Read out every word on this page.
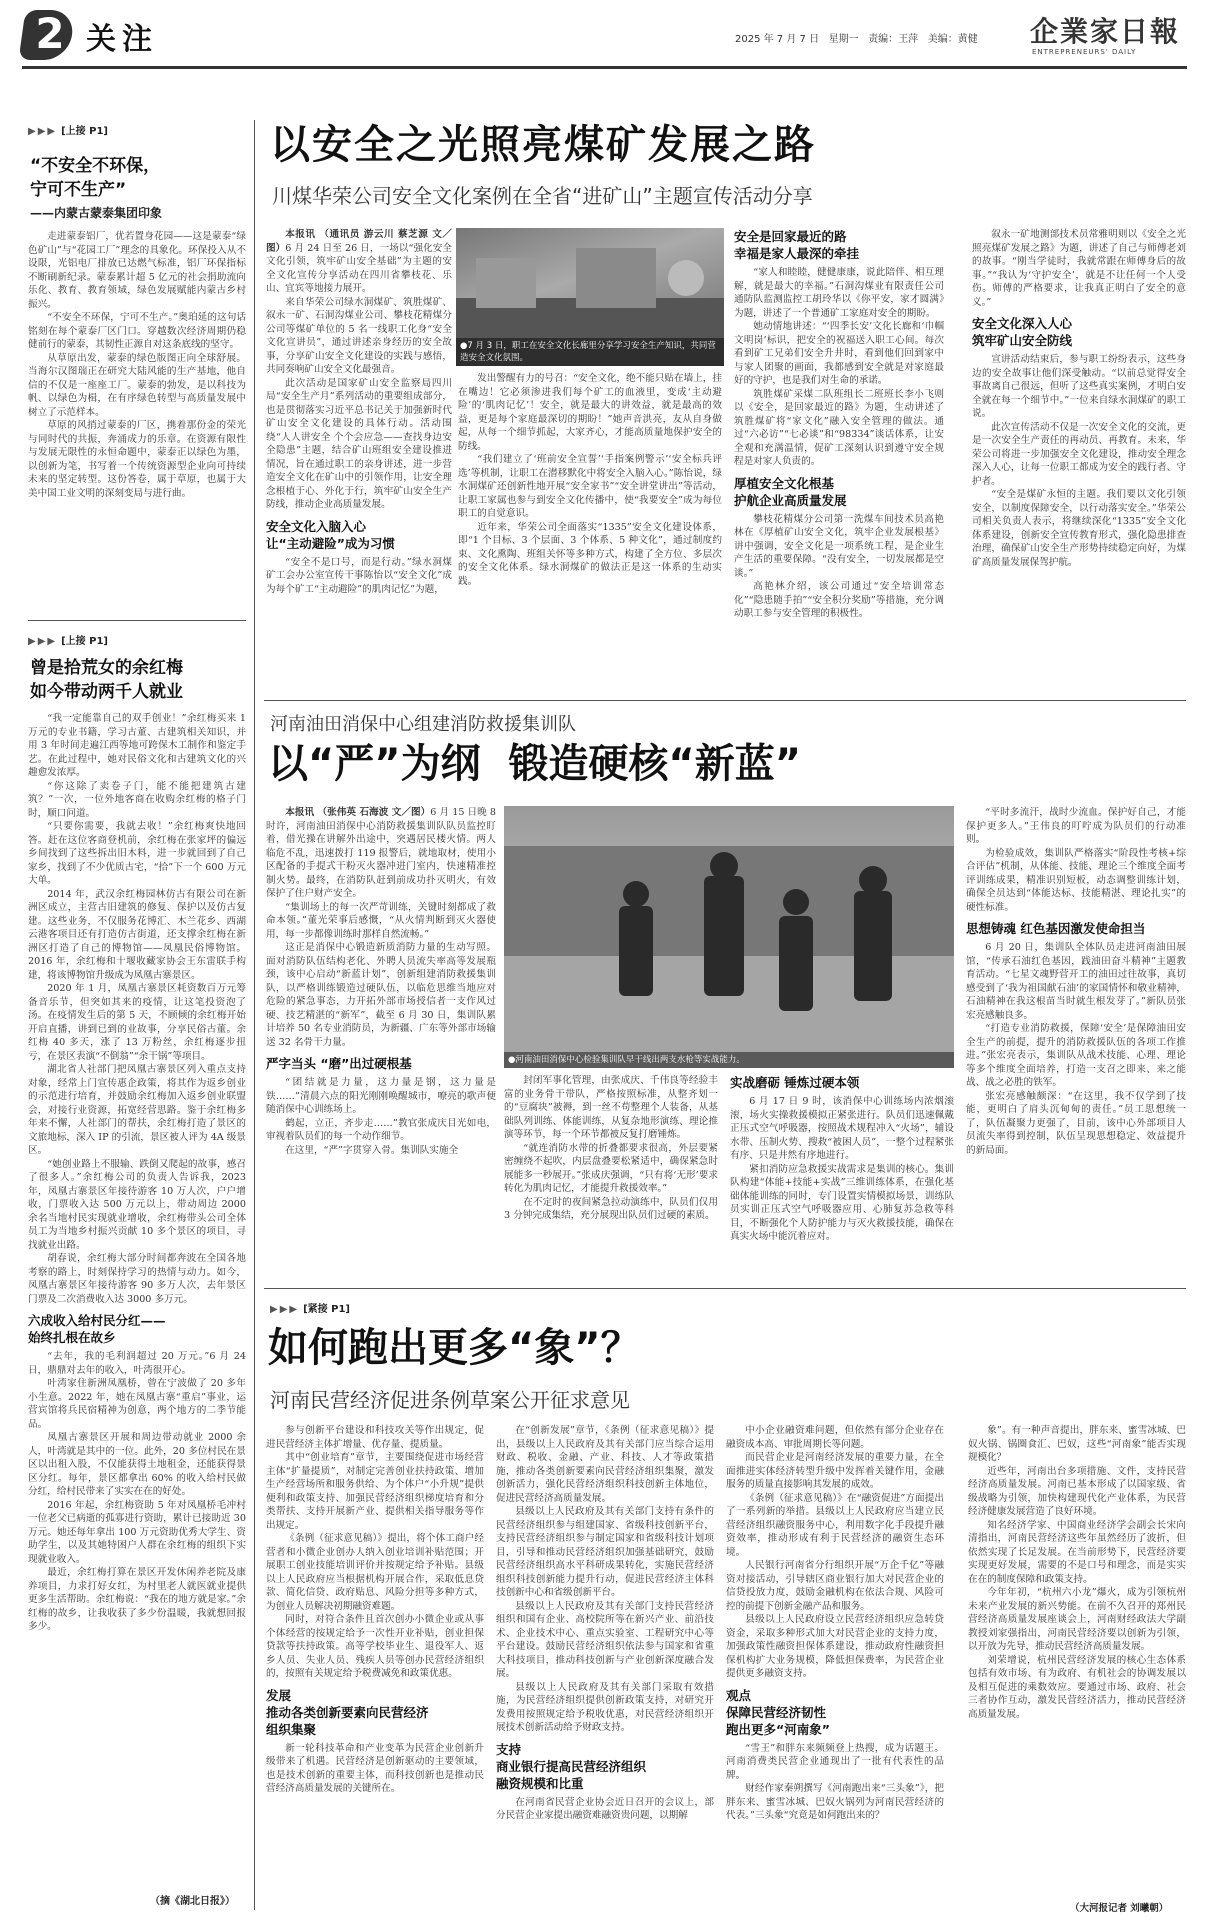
2 关注	2025 年 7 月 7 日 星期一 责编：王萍 美编：黄健 企業家日報
ENTREPRENEURS' DAILY
▶▶▶ [上接 P1]
“不安全不环保，
宁可不生产”
——内蒙古蒙泰集团印象

走进蒙泰铝厂，优若置身花园——这是蒙泰“绿色矿山”与“花园工厂”理念的具象化。环保投入从不设限，光铝电厂排放已达燃气标准，铝厂环保指标不断刷新纪录。蒙泰累计超 5 亿元的社会捐助流向乐化、教育、教育领域，绿色发展赋能内蒙古乡村振兴。

“不安全不环保，宁可不生产。”奥珀延的这句话铭刻在每个蒙泰厂区门口。穿越数次经济周期仍稳健前行的蒙泰，其韧性正源自对这条底线的坚守。

从草原出发，蒙泰的绿色版图正向全球舒展。当海尔汉图瑞正在研究大陆风能的生产基地，他自信的不仅是一座座工厂。蒙泰的勃发，是以科技为帆、以绿色为楫，在有序绿色转型与高质量发展中树立了示范样本。

草原的风捎过蒙泰的厂区，携着那份金的荣光与同时代的共振，奔涌成力的乐章。在资源有限性与发展无限性的永恒命题中，蒙泰正以绿色为墨，以创新为笔，书写着一个传统资源型企业向可持续未来的坚定转型。这份答卷，属于草原，也属于大美中国工业文明的深刻变局与进行曲。

▶▶▶ [上接 P1]
曾是拾荒女的余红梅
如今带动两千人就业

“我一定能靠自己的双手创业！”余红梅买来 1 万元的专业书籍，学习古董、古建筑相关知识，并用 3 年时间走遍江西等地可跨保木工制作和鉴定手艺。在此过程中，她对民俗文化和古建筑文化的兴趣愈发浓厚。

“你这除了卖卷子门，能不能把建筑古建筑？”一次，一位外地客商在收购余红梅的格子门时，顺口问道。

“只要你需要，我就去收！”余红梅爽快地回答。赶在这位客商登机前，余红梅在张家坪的偏远乡间找到了这些拆出旧木料，进一步就回到了自己家乡，找到了不少优质古宅，“拾”下一个 600 万元大单。

2014 年，武汉余红梅园林仿古有限公司在新洲区成立，主营古旧建筑的修复、保护以及仿古复建。这些业务，不仅服务花博汇、木兰花乡、西湖云港客项目还有打造仿古街道，还支撑余红梅在新洲区打造了自己的博物馆——凤凰民俗博物馆。2016 年，余红梅和十堰收藏家协会王东雷联手构建，将该博物馆升级成为凤凰古寨景区。

2020 年 1 月，凤凰古寨景区耗资数百万元筹备音乐节，但突如其来的疫情，让这笔投资泡了汤。在疫情发生后的第 5 天，不顾倾的余红梅开始开启直播，讲到已到的业故事，分享民俗古董。余红梅 40 多天，涨了 13 万粉丝，余红梅逐步扭亏，在景区表演“不倒翁”“余干锅”等项目。

湖北省人社部门把凤凰古寨景区列入重点支持对象，经常上门宣传惠企政策，将其作为返乡创业的示范进行培育，并鼓励余红梅加入返乡创业联盟会，对接行业资源，拓宽经营思路。鉴于余红梅多年来不懈，人社部门的帮扶，余红梅打造了景区的文旅地标，深入 IP 的引流，景区被人评为 4A 级景区。

“她创业路上不服输、跌倒又爬起的故事，感召了很多人。”余红梅公司的负责人告诉我，2023 年，凤凰古寨景区年接待游客 10 万人次，户户增收，门票收入达 500 万元以上，带动周边 2000 余名当地村民实现就业增收，余红梅带头公司全体员工为当地乡村振兴贡献 10 多个景区的项目，寻找就业出路。

胡春说，余红梅大部分时间都奔波在全国各地考察的路上，时刻保持学习的热情与动力。如今，凤凰古寨景区年接待游客 90 多万人次，去年景区门票及二次消费收入达 3000 多万元。

六成收入给村民分红——
始终扎根在故乡

“去年，我的毛利润超过 20 万元。”6 月 24 日，鼎鼎对去年的收入，叶湾很开心。

叶湾家住新洲凤凰桥，曾在宁波做了 20 多年小生意。2022 年，她在凤凰古寨“重启”事业，运营宾馆将兵民宿精神为创意，两个地方的二季节能品。

凤凰古寨景区开展和周边带动就业 2000 余人，叶湾就是其中的一位。此外，20 多位村民在景区以出租入股，不仅能获得土地租金，还能获得景区分红。每年，景区都拿出 60% 的收入给村民做分红，给村民带来了实实在在的好处。

2016 年起，余红梅资助 5 年对凤凰桥毛冲村一位老父已病逝的孤寡进行资助，累计已接助近 30 万元。她还每年拿出 100 万元资助优秀大学生、资助学生，以及其她特困户人群在余红梅的组织下实现就业收入。

最近，余红梅打算在景区开发休闲养老院及康养项目，力求打好女红，为村里老人就医就业提供更多生活帮助。余红梅说：“我在的地方就是家。”余红梅的故乡，让我收获了多少份温暖，我就想回报多少。

（摘《湖北日报》）
以安全之光照亮煤矿发展之路
川煤华荣公司安全文化案例在全省“进矿山”主题宣传活动分享

本报讯 （通讯员 游云川 蔡芝源 文／图）6 月 24 日至 26 日，一场以“强化安全文化引领，筑牢矿山安全基础”为主题的安全文化宣传分享活动在四川省攀枝花、乐山、宜宾等地接力展开。

来自华荣公司绿水洞煤矿、筑胜煤矿、叙永一矿、石洞沟煤业公司、攀枝花精煤分公司等煤矿单位的 5 名一线职工化身“安全文化宣讲员”，通过讲述亲身经历的安全故事，分享矿山安全文化建设的实践与感悟，共同奏响矿山安全文化最强音。

此次活动是国家矿山安全监察局四川局“安全生产月”系列活动的重要组成部分，也是贯彻落实习近平总书记关于加强新时代矿山安全文化建设的具体行动。活动围绕“人人讲安全 个个会应急——查找身边安全隐患”主题，结合矿山班组安全建设推进情况，旨在通过职工的亲身讲述，进一步营造安全文化在矿山中的引领作用，让安全理念根植于心、外化于行，筑牢矿山安全生产防线，推动企业高质量发展。

安全文化入脑入心
让“主动避险”成为习惯

“安全不是口号，而是行动。”绿水洞煤矿工会办公室宣传干事陈怡以“安全文化”成为每个矿工“主动避险”的肌肉记忆”为题，

●7 月 3 日，职工在安全文化长廊里分享学习安全生产知识，共同营造安全文化氛围。

发出警醒有力的号召：“安全文化，绝不能只贴在墙上，挂在嘴边！它必须渗进我们每个矿工的血液里，变成‘主动避险’的‘肌肉记忆’！安全，就是最大的讲效益，就是最高的效益，更是每个家庭最深切的期盼！”她声音洪亮，友从自身做起，从每一个细节抓起，大家齐心，才能高质量地保护安全的防线。

“我们建立了‘班前安全宣誓’‘手指案例警示’‘安全标兵评选’等机制，让职工在潜移默化中将安全入脑入心。”陈怡说，绿水洞煤矿还创新性地开展“安全家书”“安全讲堂讲出”等活动，让职工家属也参与到安全文化传播中，使“我要安全”成为每位职工的自觉意识。

近年来，华荣公司全面落实“1335”安全文化建设体系，即“1 个目标、3 个层面、3 个体系、5 种文化”，通过制度约束、文化熏陶、班组关怀等多种方式，构建了全方位、多层次的安全文化体系。绿水洞煤矿的做法正是这一体系的生动实践。

安全是回家最近的路
幸福是家人最深的牵挂

“家人和睦睦，健健康康，说此陪伴、相互理解，就是最大的幸福。”石洞沟煤业有限责任公司通防队监测监控工胡玲华以《你平安，家才圆满》为题，讲述了一个普通矿工家庭对安全的期盼。

她动情地讲述：“‘四季长安’文化长廊和‘巾帼文明岗’标识，把安全的祝福送入职工心间。每次看到矿工兄弟们安全升井时，看到他们回到家中与家人团聚的画面，我都感到安全就是对家庭最好的守护，也是我们对生命的承诺。

筑胜煤矿采煤二队班组长二班班长李小飞则以《安全，是回家最近的路》为题，生动讲述了筑胜煤矿将“家文化”融入安全管理的做法。通过“六必访”“七必谈”和“98334”谈话体系，让安全观和充满温情，促矿工深刻认识到遵守安全规程是对家人负责的。

厚植安全文化根基
护航企业高质量发展

攀枝花精煤分公司第一洗煤车间技术员高艳林在《厚植矿山安全文化，筑牢企业发展根基》讲中强调，安全文化是一项系统工程，是企业生产生活的重要保障。“没有安全，一切发展都是空谈。”

高艳林介绍，该公司通过“安全培训常态化”“隐患随手拍”“安全积分奖励”等措施，充分调动职工参与安全管理的积极性。

叙永一矿地测部技术员常雅明则以《安全之光照亮煤矿发展之路》为题，讲述了自己与师傅老刘的故事。“刚当学徒时，我就常跟在师傅身后的故事。”“我认为‘守护安全’，就是不让任何一个人受伤。师傅的严格要求，让我真正明白了安全的意义。”

安全文化深入人心
筑牢矿山安全防线

宣讲活动结束后，参与职工纷纷表示，这些身边的安全故事让他们深受触动。“以前总觉得安全事故离自己很远，但听了这些真实案例，才明白安全就在每一个细节中。”一位来自绿水洞煤矿的职工说。

此次宣传活动不仅是一次安全文化的交流，更是一次安全生产责任的再动员、再教育。未来，华荣公司将进一步加强安全文化建设，推动安全理念深入人心，让每一位职工都成为安全的践行者、守护者。

“安全是煤矿永恒的主题。我们要以文化引领安全，以制度保障安全，以行动落实安全。”华荣公司相关负责人表示，将继续深化“1335”安全文化体系建设，创新安全宣传教育形式，强化隐患排查治理，确保矿山安全生产形势持续稳定向好，为煤矿高质量发展保驾护航。

河南油田消保中心组建消防救援集训队
以“严”为纲  锻造硬核“新蓝”

本报讯 （张伟英 石海波 文／图）6 月 15 日晚 8 时许，河南油田消保中心消防救援集训队队员监控盯着，借光操在讲解外出途中，突遇居民楼火情。两人临危不乱，迅速拨打 119 报警后，就地取材，使用小区配备的手提式干粉灭火器冲进门室内，快速精准控制火势。最终，在消防队赶到前成功扑灭明火，有效保护了住户财产安全。

“集训场上的每一次严苛训练，关键时刻都成了救命本领。”董光荣事后感慨，“从火情判断到灭火器使用，每一步都像训练时那样自然流畅。”

这正是消保中心锻造新质消防力量的生动写照。面对消防队伍结构老化、外聘人员流失率高等发展瓶颈，该中心启动“新蓝计划”，创新组建消防救援集训队，以严格训练锻造过硬队伍，以临危思维当地应对危险的紧急事态，力开拓外部市场授信者一支作风过硬、技艺精湛的“新军”，截至 6 月 30 日，集训队累计培养 50 名专业消防员，为新疆、广东等外部市场输送 32 名骨干力量。

严字当头 “磨”出过硬根基

“团结就是力量，这力量是钢，这力量是铁……”清晨六点的阳光刚刚唤醒城市，嘹亮的歌声便随消保中心训练场上。

鹤起，立正，齐步走……”教官张成庆目光如电，审视着队员们的每一个动作细节。

在这里，“严”字贯穿入骨。集训队实施全

●河南油田消保中心检验集训队早干线出两支水枪等实战能力。

封闭军事化管理，由张成庆、千伟良等经验丰富的业务骨干带队，严格按照标准，从整齐划一的“豆腐块”被褥，到一丝不苟整理个人装备，从基础队列训练、体能训练，从复杂地形演练、理论推演等环节，每一个环节都被反复打磨锤炼。

“就连消防水带的折叠都要求很高，外层要紧密缠绕不起吹，内层盘叠要松紧适中，确保紧急时展能多一秒展开。”张成庆强调，“只有将‘无形’要求转化为肌肉记忆，才能提升救援效率。”

在不定时的夜间紧急拉动演练中，队员们仅用 3 分钟完成集结，充分展现出队员们过硬的素质。

实战磨砺 锤炼过硬本领

6 月 17 日 9 时，该消保中心训练场内浓烟滚滚，场火实操救援模拟正紧张进行。队员们迅速佩戴正压式空气呼吸器，按照战术规程冲入“火场”，辅设水带、压制火势、搜救“被困人员”，一整个过程紧张有序、只是井然有序地进行。

紧扣消防应急救援实战需求是集训的核心。集训队构建“体能+技能+实战”三维训练体系，在强化基础体能训练的同时，专门设置实情模拟场景，训练队员实训正压式空气呼吸器应用、心肺复苏急救等科目，不断强化个人防护能力与灭火救援技能，确保在真实火场中能沉着应对。

“平时多流汗，战时少流血。保护好自己，才能保护更多人。”王伟良的叮咛成为队员们的行动准则。

为检验成效，集训队严格落实“阶段性考核+综合评估”机制，从体能、技能、理论三个维度全面考评训练成果，精准识别短板，动态调整训练计划，确保全员达到“体能达标、技能精湛、理论扎实”的硬性标准。

思想铸魂 红色基因激发使命担当

6 月 20 日，集训队全体队员走进河南油田展馆，“传承石油红色基因，践油田奋斗精神”主题教育活动。“七星文魂野营开工的油田过往故事，真切感受到了‘我为祖国献石油’的家国情怀和敬业精神，石油精神在我这根苗当时就生根发芽了。”新队员张宏亮感触良多。

“打造专业消防救援，保障‘安全’是保障油田安全生产的前提，提升的消防救援队伍的各项工作推进。”张宏亮表示，集训队从战术技能、心理、理论等多个维度全面培养，打造一支召之即来、来之能战、战之必胜的铁军。

张宏亮感触颇深：“在这里，我不仅学到了技能，更明白了肩头沉甸甸的责任。”员工思想统一了，队伍凝聚力更强了，目前，该中心外部项目人员流失率得到控制，队伍呈现思想稳定、效益提升的新局面。

▶▶▶ [紧接 P1]
如何跑出更多“象”？
河南民营经济促进条例草案公开征求意见

参与创新平台建设和科技攻关等作出规定，促进民营经济主体扩增量、优存量、提质量。

其中“创业培育”章节，主要围绕促进市场经营主体“扩量提质”，对制定完善创业扶持政策、增加生产经营场所和服务供给、为个体户“小升规”提供便利和政策支持、加强民营经济组织梯度培育和分类帮扶、支持开展新产业、提供相关指导服务等作出规定。

《条例（征求意见稿）》提出，将个体工商户经营者和小微企业创办人纳入创业培训补贴范围；开展职工创业技能培训评价并按规定给予补贴。县级以上人民政府应当根据机构开展合作，采取低息贷款、简化信贷、政府贴息、风险分担等多种方式，为创业人员解决初期融资难题。

同时，对符合条件且首次创办小微企业或从事个体经营的按规定给予一次性开业补贴，创业担保贷款等扶持政策。高等学校毕业生、退役军人、返乡人员、失业人员、残疾人员等创办民营经济组织的，按照有关规定给予税费减免和政策优惠。

发展
推动各类创新要素向民营经济
组织集聚

新一轮科技革命和产业变革为民营企业创新升级带来了机遇。民营经济是创新驱动的主要领域，也是技术创新的重要主体，而科技创新也是推动民营经济高质量发展的关键所在。

在“创新发展”章节，《条例（征求意见稿）》提出，县级以上人民政府及其有关部门应当综合运用财政、税收、金融、产业、科技、人才等政策措施，推动各类创新要素向民营经济组织集聚，激发创新活力，强化民营经济组织科技创新主体地位，促进民营经济高质量发展。

县级以上人民政府及其有关部门支持有条件的民营经济组织参与组建国家、省级科技创新平台，支持民营经济组织参与制定国家和省级科技计划项目，引导和推动民营经济组织加强基础研究，鼓励民营经济组织高水平科研成果转化，实施民营经济组织科技创新能力提升行动，促进民营经济主体科技创新中心和省级创新平台。

县级以上人民政府及其有关部门支持民营经济组织和国有企业、高校院所等在新兴产业、前沿技术、企业技术中心、重点实验室、工程研究中心等平台建设。鼓励民营经济组织依法参与国家和省重大科技项目，推动科技创新与产业创新深度融合发展。

县级以上人民政府及其有关部门采取有效措施，为民营经济组织提供创新政策支持，对研究开发费用按照规定给予税收优惠，对民营经济组织开展技术创新活动给予财政支持。

支持
商业银行提高民营经济组织
融资规模和比重

在河南省民营企业协会近日召开的会议上，部分民营企业家提出融资难融资贵问题，以期解

中小企业融资难问题，但依然有部分企业存在融资成本高、审批周期长等问题。

而民营企业是河南经济发展的重要力量，在全面推进实体经济转型升级中发挥着关键作用，金融服务的质量直接影响其发展的成效。

《条例（征求意见稿）》在“融资促进”方面提出了一系列新的举措。县级以上人民政府应当建立民营经济组织融资服务中心，利用数字化手段提升融资效率，推动形成有利于民营经济的融资生态环境。

人民银行河南省分行组织开展“万企千亿”等融资对接活动，引导辖区商业银行加大对民营企业的信贷投放力度，鼓励金融机构在依法合规、风险可控的前提下创新金融产品和服务。

县级以上人民政府设立民营经济组织应急转贷资金，采取多种形式加大对民营企业的支持力度，加强政策性融资担保体系建设，推动政府性融资担保机构扩大业务规模，降低担保费率，为民营企业提供更多融资支持。

观点
保障民营经济韧性
跑出更多“河南象”

“雪王”和胖东来频频登上热搜，成为话题王。河南消费类民营企业通现出了一批有代表性的品牌。

财经作家秦朔撰写《河南跑出来“三头象”》，把胖东来、蜜雪冰城、巴奴火锅列为河南民营经济的代表。”三头象“究竟是如何跑出来的？

象”。有一种声音提出，胖东来、蜜雪冰城、巴奴火锅、锅圈食汇、巴奴，这些“河南象”能否实现规模化？

近些年，河南出台多项措施、文件，支持民营经济高质量发展。河南已基本形成了以国家级、省级战略为引领，加快构建现代化产业体系，为民营经济健康发展营造了良好环境。

知名经济学家、中国商业经济学会副会长宋向清指出，河南民营经济这些年虽然经历了波折，但依然实现了长足发展。在当前形势下，民营经济要实现更好发展，需要的不是口号和理念，而是实实在在的制度保障和政策支持。

今年年初，“杭州六小龙”爆火，成为引领杭州未来产业发展的新兴势能。在前不久召开的郑州民营经济高质量发展座谈会上，河南财经政法大学副教授刘家强指出，河南民营经济要以创新为引领，以开放为先导，推动民营经济高质量发展。

刘荣增说，杭州民营经济发展的核心生态体系包括有效市场、有为政府、有机社会的协调发展以及相互促进的乘数效应。要通过市场、政府、社会三者协作互动，激发民营经济活力，推动民营经济高质量发展。

（大河报记者 刘曦朝）
